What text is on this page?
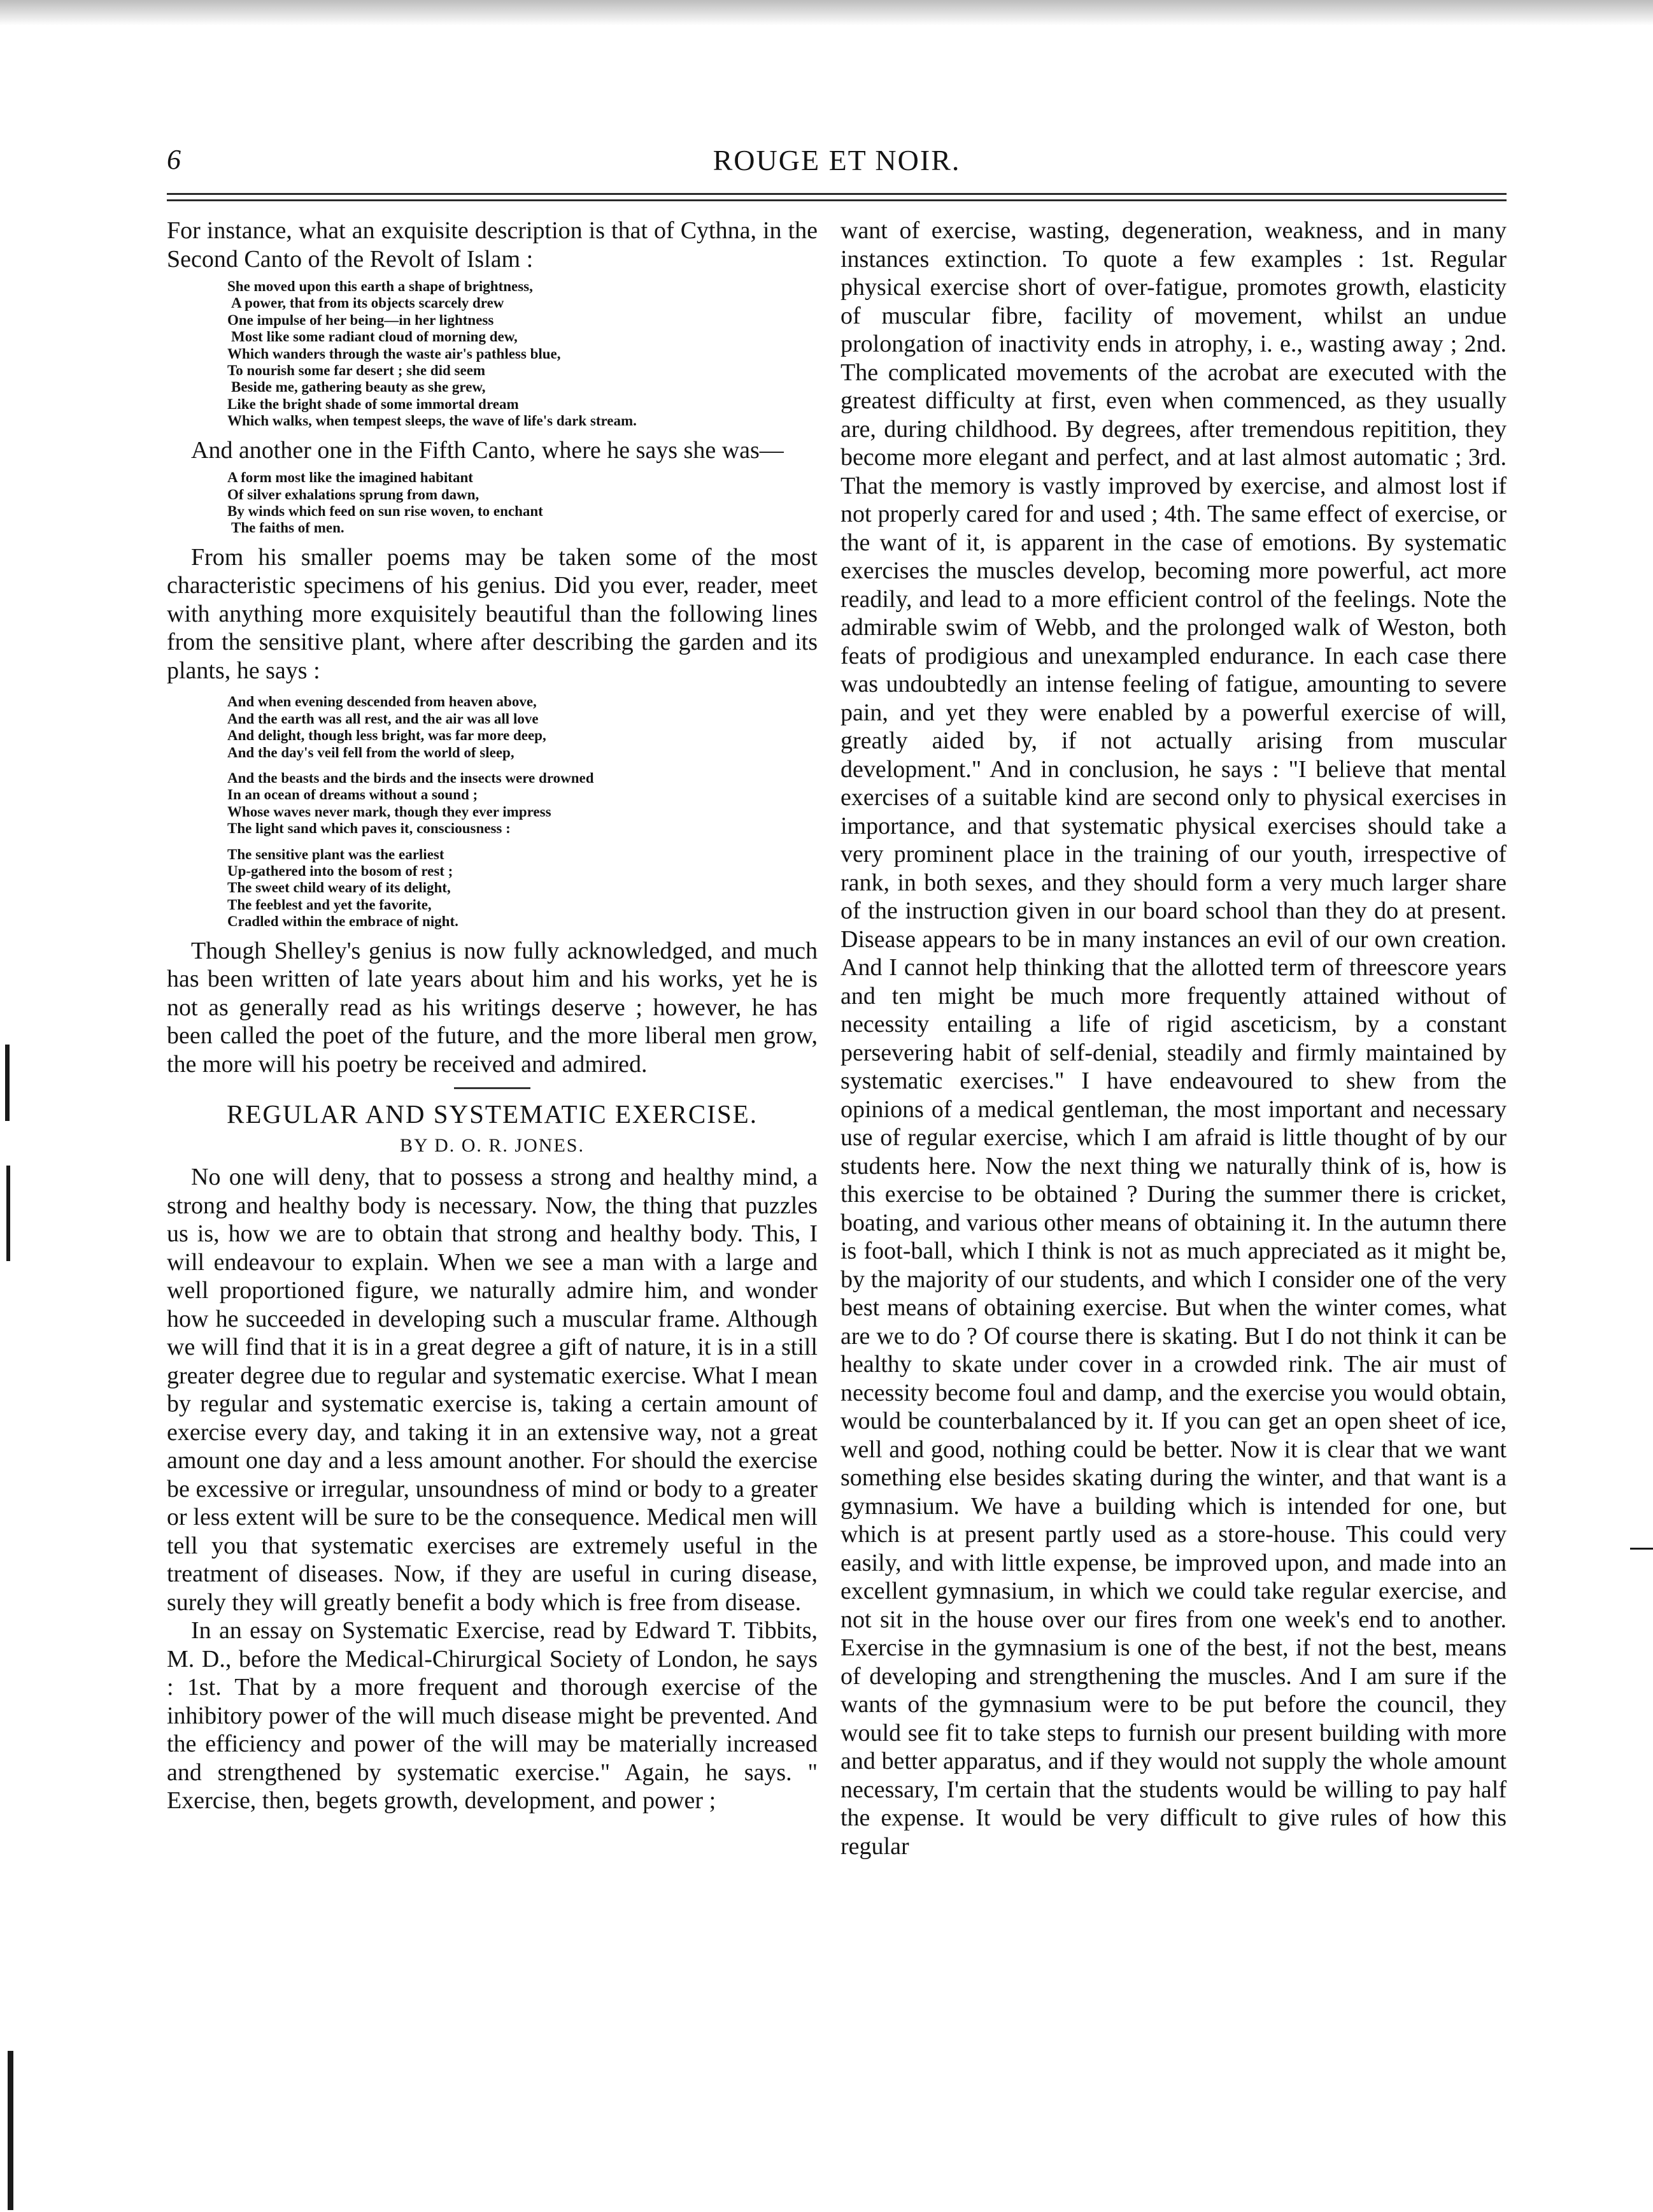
6	ROUGE ET NOIR.

For instance, what an exquisite description is that of Cythna, in the Second Canto of the Revolt of Islam :

She moved upon this earth a shape of brightness,
A power, that from its objects scarcely drew
One impulse of her being—in her lightness
Most like some radiant cloud of morning dew,
Which wanders through the waste air's pathless blue,
To nourish some far desert ; she did seem
Beside me, gathering beauty as she grew,
Like the bright shade of some immortal dream
Which walks, when tempest sleeps, the wave of life's dark stream.

And another one in the Fifth Canto, where he says she was—

A form most like the imagined habitant
Of silver exhalations sprung from dawn,
By winds which feed on sun rise woven, to enchant
The faiths of men.

From his smaller poems may be taken some of the most characteristic specimens of his genius. Did you ever, reader, meet with anything more exquisitely beautiful than the following lines from the sensitive plant, where after describing the garden and its plants, he says :

And when evening descended from heaven above,
And the earth was all rest, and the air was all love
And delight, though less bright, was far more deep,
And the day's veil fell from the world of sleep,
And the beasts and the birds and the insects were drowned
In an ocean of dreams without a sound ;
Whose waves never mark, though they ever impress
The light sand which paves it, consciousness :
The sensitive plant was the earliest
Up-gathered into the bosom of rest ;
The sweet child weary of its delight,
The feeblest and yet the favorite,
Cradled within the embrace of night.

Though Shelley's genius is now fully acknowledged, and much has been written of late years about him and his works, yet he is not as generally read as his writings deserve ; however, he has been called the poet of the future, and the more liberal men grow, the more will his poetry be received and admired.

REGULAR AND SYSTEMATIC EXERCISE.
BY D. O. R. JONES.

No one will deny, that to possess a strong and healthy mind, a strong and healthy body is necessary. Now, the thing that puzzles us is, how we are to obtain that strong and healthy body. This, I will endeavour to explain. When we see a man with a large and well proportioned figure, we naturally admire him, and wonder how he succeeded in developing such a muscular frame. Although we will find that it is in a great degree a gift of nature, it is in a still greater degree due to regular and systematic exercise. What I mean by regular and systematic exercise is, taking a certain amount of exercise every day, and taking it in an extensive way, not a great amount one day and a less amount another. For should the exercise be excessive or irregular, unsoundness of mind or body to a greater or less extent will be sure to be the consequence. Medical men will tell you that systematic exercises are extremely useful in the treatment of diseases. Now, if they are useful in curing disease, surely they will greatly benefit a body which is free from disease.

In an essay on Systematic Exercise, read by Edward T. Tibbits, M. D., before the Medical-Chirurgical Society of London, he says : 1st. That by a more frequent and thorough exercise of the inhibitory power of the will much disease might be prevented. And the efficiency and power of the will may be materially increased and strengthened by systematic exercise." Again, he says. " Exercise, then, begets growth, development, and power ;

want of exercise, wasting, degeneration, weakness, and in many instances extinction. To quote a few examples : 1st. Regular physical exercise short of over-fatigue, promotes growth, elasticity of muscular fibre, facility of movement, whilst an undue prolongation of inactivity ends in atrophy, i. e., wasting away ; 2nd. The complicated movements of the acrobat are executed with the greatest difficulty at first, even when commenced, as they usually are, during childhood. By degrees, after tremendous repitition, they become more elegant and perfect, and at last almost automatic ; 3rd. That the memory is vastly improved by exercise, and almost lost if not properly cared for and used ; 4th. The same effect of exercise, or the want of it, is apparent in the case of emotions. By systematic exercises the muscles develop, becoming more powerful, act more readily, and lead to a more efficient control of the feelings. Note the admirable swim of Webb, and the prolonged walk of Weston, both feats of prodigious and unexampled endurance. In each case there was undoubtedly an intense feeling of fatigue, amounting to severe pain, and yet they were enabled by a powerful exercise of will, greatly aided by, if not actually arising from muscular development." And in conclusion, he says : "I believe that mental exercises of a suitable kind are second only to physical exercises in importance, and that systematic physical exercises should take a very prominent place in the training of our youth, irrespective of rank, in both sexes, and they should form a very much larger share of the instruction given in our board school than they do at present. Disease appears to be in many instances an evil of our own creation. And I cannot help thinking that the allotted term of threescore years and ten might be much more frequently attained without of necessity entailing a life of rigid asceticism, by a constant persevering habit of self-denial, steadily and firmly maintained by systematic exercises." I have endeavoured to shew from the opinions of a medical gentleman, the most important and necessary use of regular exercise, which I am afraid is little thought of by our students here. Now the next thing we naturally think of is, how is this exercise to be obtained ? During the summer there is cricket, boating, and various other means of obtaining it. In the autumn there is foot-ball, which I think is not as much appreciated as it might be, by the majority of our students, and which I consider one of the very best means of obtaining exercise. But when the winter comes, what are we to do ? Of course there is skating. But I do not think it can be healthy to skate under cover in a crowded rink. The air must of necessity become foul and damp, and the exercise you would obtain, would be counterbalanced by it. If you can get an open sheet of ice, well and good, nothing could be better. Now it is clear that we want something else besides skating during the winter, and that want is a gymnasium. We have a building which is intended for one, but which is at present partly used as a store-house. This could very easily, and with little expense, be improved upon, and made into an excellent gymnasium, in which we could take regular exercise, and not sit in the house over our fires from one week's end to another. Exercise in the gymnasium is one of the best, if not the best, means of developing and strengthening the muscles. And I am sure if the wants of the gymnasium were to be put before the council, they would see fit to take steps to furnish our present building with more and better apparatus, and if they would not supply the whole amount necessary, I'm certain that the students would be willing to pay half the expense. It would be very difficult to give rules of how this regular
